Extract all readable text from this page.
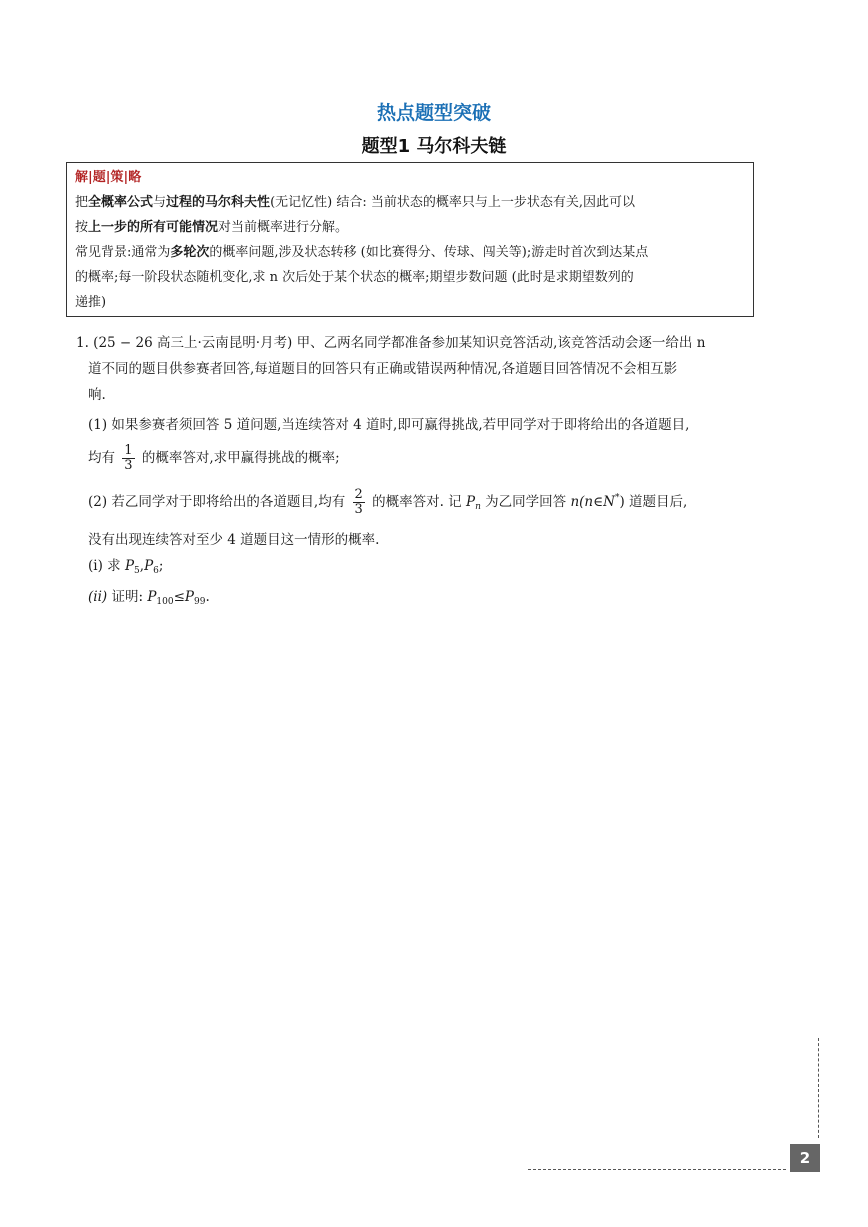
热点题型突破
题型1 马尔科夫链
解|题|策|略
把全概率公式与过程的马尔科夫性(无记忆性) 结合: 当前状态的概率只与上一步状态有关,因此可以
按上一步的所有可能情况对当前概率进行分解。
常见背景:通常为多轮次的概率问题,涉及状态转移 (如比赛得分、传球、闯关等);游走时首次到达某点
的概率;每一阶段状态随机变化,求 n 次后处于某个状态的概率;期望步数问题 (此时是求期望数列的
递推)
1. (25 − 26 高三上·云南昆明·月考) 甲、乙两名同学都准备参加某知识竞答活动,该竞答活动会逐一给出 n
道不同的题目供参赛者回答,每道题目的回答只有正确或错误两种情况,各道题目回答情况不会相互影
响.
(1) 如果参赛者须回答 5 道问题,当连续答对 4 道时,即可赢得挑战,若甲同学对于即将给出的各道题目,
均有 $\frac{1}{3}$ 的概率答对,求甲赢得挑战的概率;
(2) 若乙同学对于即将给出的各道题目,均有 $\frac{2}{3}$ 的概率答对. 记 $P_n$ 为乙同学回答 n(n∈N*) 道题目后,
没有出现连续答对至少 4 道题目这一情形的概率.
(i) 求 $P_5,P_6$;
(ii) 证明: $P_{100}\le P_{99}$.
2
